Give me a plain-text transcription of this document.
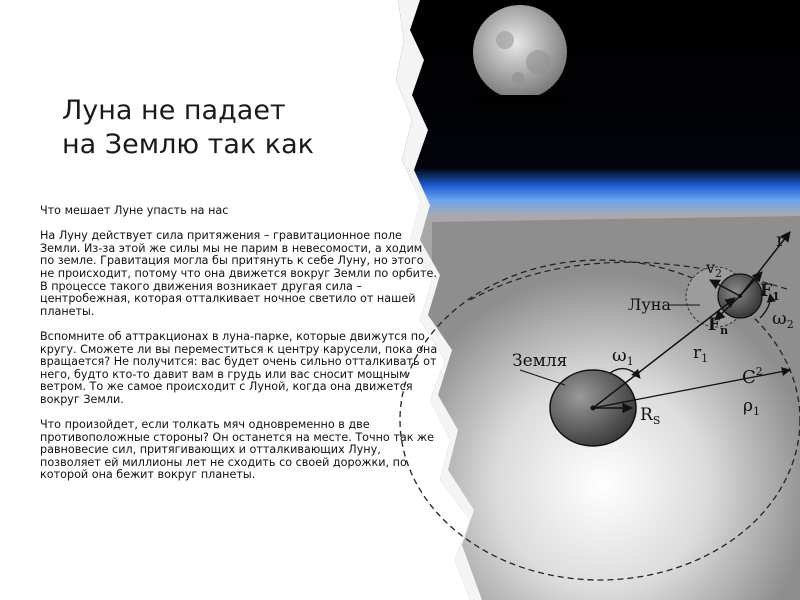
Земля
Луна
r
$r_1$
$R_S$
$\omega_1$
$\omega_2$
$v_2$
$F_1$
$F_n$
$C^2$
$\rho_1$
Луна не падает
на Землю так как

Что мешает Луне упасть на нас

На Луну действует сила притяжения – гравитационное поле Земли. Из-за этой же силы мы не парим в невесомости, а ходим по земле. Гравитация могла бы притянуть к себе Луну, но этого не происходит, потому что она движется вокруг Земли по орбите. В процессе такого движения возникает другая сила – центробежная, которая отталкивает ночное светило от нашей планеты.

Вспомните об аттракционах в луна-парке, которые движутся по кругу. Сможете ли вы переместиться к центру карусели, пока она вращается? Не получится: вас будет очень сильно отталкивать от него, будто кто-то давит вам в грудь или вас сносит мощным ветром. То же самое происходит с Луной, когда она движется вокруг Земли.

Что произойдет, если толкать мяч одновременно в две противоположные стороны? Он останется на месте. Точно так же равновесие сил, притягивающих и отталкивающих Луну, позволяет ей миллионы лет не сходить со своей дорожки, по которой она бежит вокруг планеты.
